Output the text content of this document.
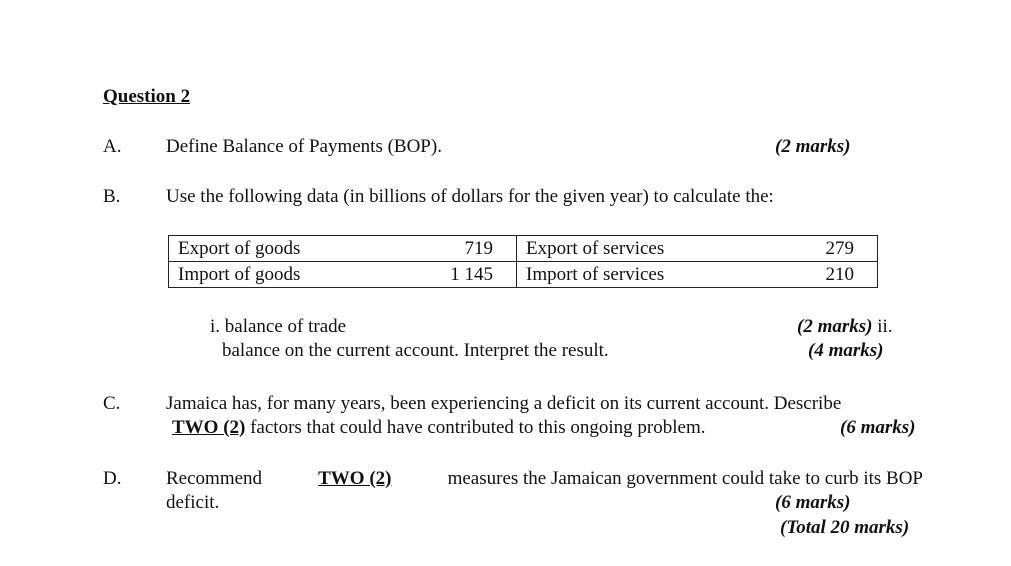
Question 2
A. Define Balance of Payments (BOP).	(2 marks)
B. Use the following data (in billions of dollars for the given year) to calculate the:
Export of goods	719	Export of services	279
Import of goods	1 145	Import of services	210
i. balance of trade	(2 marks) ii.
balance on the current account. Interpret the result.	(4 marks)
C. Jamaica has, for many years, been experiencing a deficit on its current account. Describe
TWO (2) factors that could have contributed to this ongoing problem.	(6 marks)
D. Recommend	TWO (2)	measures the Jamaican government could take to curb its BOP
deficit.	(6 marks)
(Total 20 marks)
